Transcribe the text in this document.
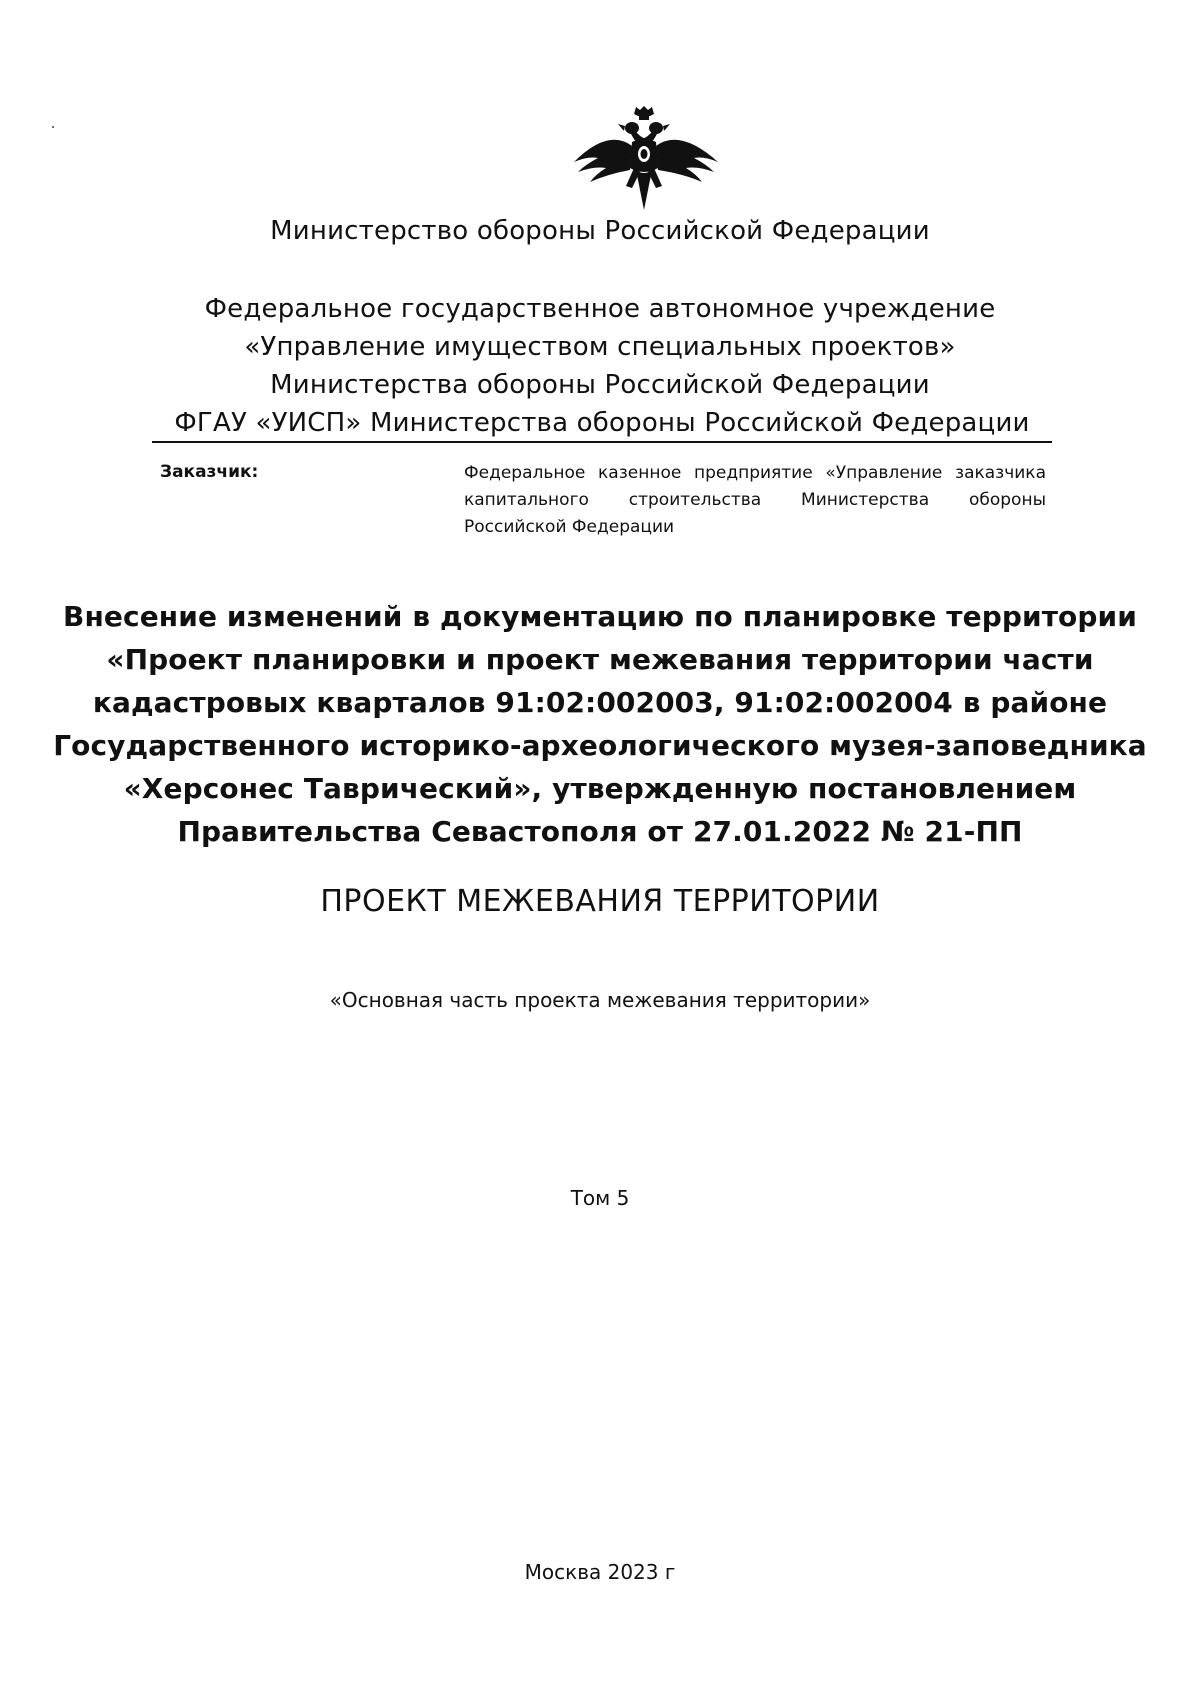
Министерство обороны Российской Федерации
Федеральное государственное автономное учреждение
«Управление имуществом специальных проектов»
Министерства обороны Российской Федерации
ФГАУ «УИСП» Министерства обороны Российской Федерации
Заказчик:	Федеральное казенное предприятие «Управление заказчика капитального строительства Министерства обороны Российской Федерации
Внесение изменений в документацию по планировке территории
«Проект планировки и проект межевания территории части
кадастровых кварталов 91:02:002003, 91:02:002004 в районе
Государственного историко-археологического музея-заповедника
«Херсонес Таврический», утвержденную постановлением
Правительства Севастополя от 27.01.2022 № 21-ПП
ПРОЕКТ МЕЖЕВАНИЯ ТЕРРИТОРИИ
«Основная часть проекта межевания территории»
Том 5
Москва 2023 г
